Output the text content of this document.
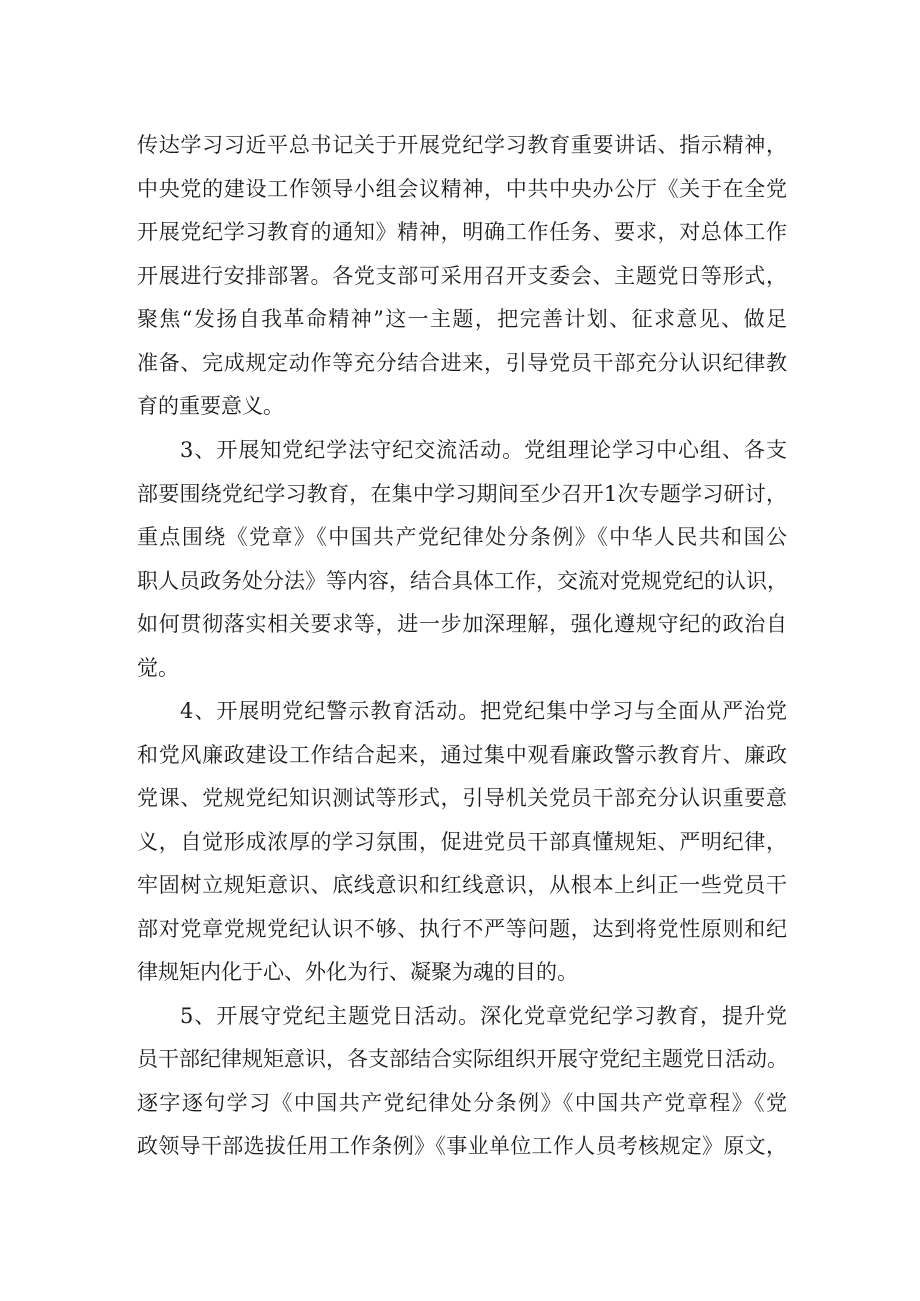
传达学习习近平总书记关于开展党纪学习教育重要讲话、指示精神，
中央党的建设工作领导小组会议精神，中共中央办公厅《关于在全党
开展党纪学习教育的通知》精神，明确工作任务、要求，对总体工作
开展进行安排部署。各党支部可采用召开支委会、主题党日等形式，
聚焦“发扬自我革命精神”这一主题，把完善计划、征求意见、做足
准备、完成规定动作等充分结合进来，引导党员干部充分认识纪律教
育的重要意义。
3、开展知党纪学法守纪交流活动。党组理论学习中心组、各支
部要围绕党纪学习教育，在集中学习期间至少召开1次专题学习研讨，
重点围绕《党章》《中国共产党纪律处分条例》《中华人民共和国公
职人员政务处分法》等内容，结合具体工作，交流对党规党纪的认识，
如何贯彻落实相关要求等，进一步加深理解，强化遵规守纪的政治自
觉。
4、开展明党纪警示教育活动。把党纪集中学习与全面从严治党
和党风廉政建设工作结合起来，通过集中观看廉政警示教育片、廉政
党课、党规党纪知识测试等形式，引导机关党员干部充分认识重要意
义，自觉形成浓厚的学习氛围，促进党员干部真懂规矩、严明纪律，
牢固树立规矩意识、底线意识和红线意识，从根本上纠正一些党员干
部对党章党规党纪认识不够、执行不严等问题，达到将党性原则和纪
律规矩内化于心、外化为行、凝聚为魂的目的。
5、开展守党纪主题党日活动。深化党章党纪学习教育，提升党
员干部纪律规矩意识，各支部结合实际组织开展守党纪主题党日活动。
逐字逐句学习《中国共产党纪律处分条例》《中国共产党章程》《党
政领导干部选拔任用工作条例》《事业单位工作人员考核规定》原文，
